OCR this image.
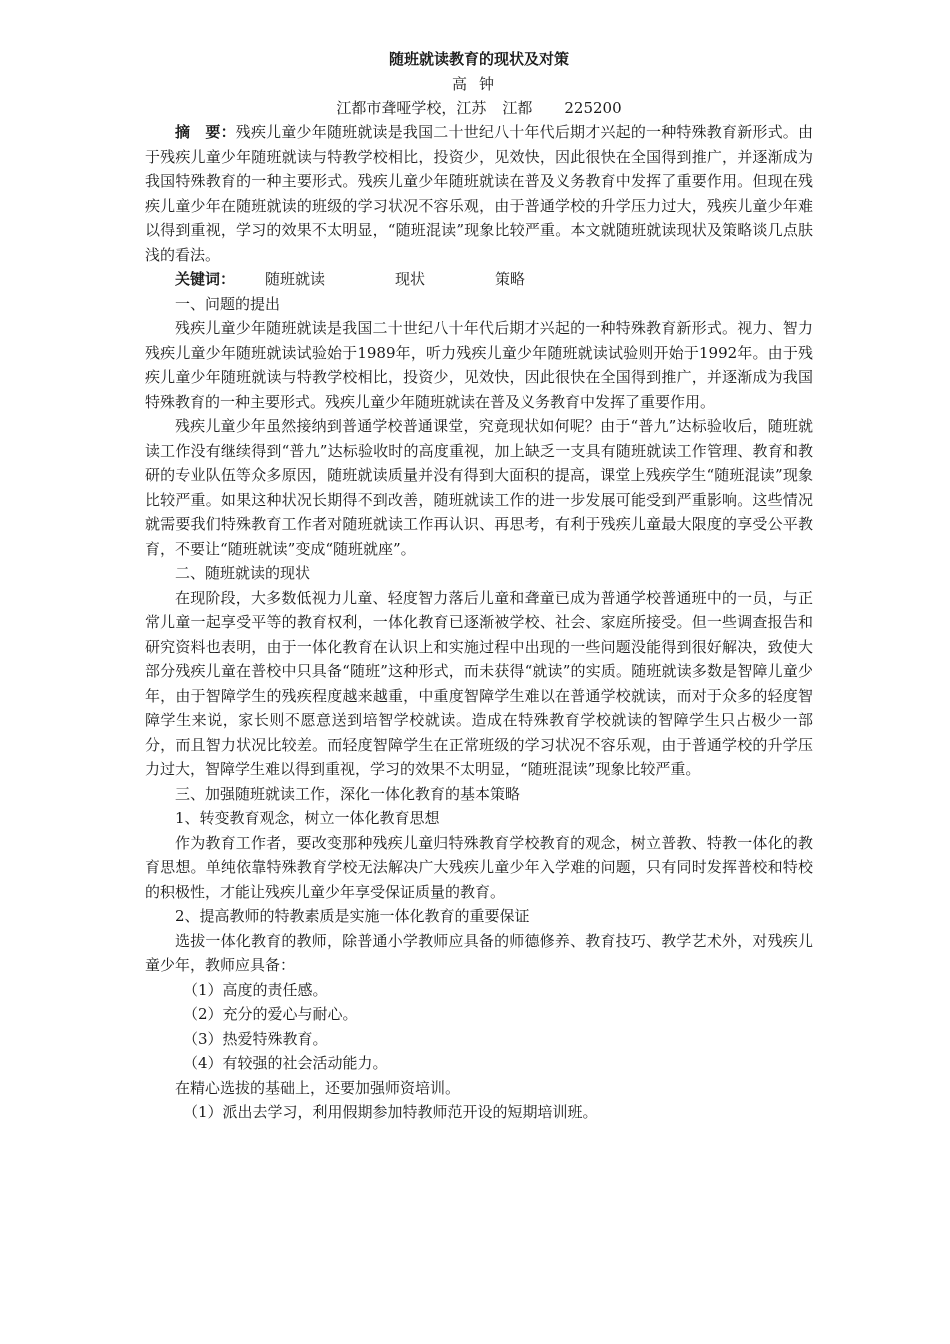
随班就读教育的现状及对策
高钟
江都市聋哑学校，江苏 江都 225200

摘　要：残疾儿童少年随班就读是我国二十世纪八十年代后期才兴起的一种特殊教育新形式。由于残疾儿童少年随班就读与特教学校相比，投资少，见效快，因此很快在全国得到推广，并逐渐成为我国特殊教育的一种主要形式。残疾儿童少年随班就读在普及义务教育中发挥了重要作用。但现在残疾儿童少年在随班就读的班级的学习状况不容乐观，由于普通学校的升学压力过大，残疾儿童少年难以得到重视，学习的效果不太明显，“随班混读”现象比较严重。本文就随班就读现状及策略谈几点肤浅的看法。

关键词： 随班就读	现状	策略

一、问题的提出

残疾儿童少年随班就读是我国二十世纪八十年代后期才兴起的一种特殊教育新形式。视力、智力残疾儿童少年随班就读试验始于1989年，听力残疾儿童少年随班就读试验则开始于1992年。由于残疾儿童少年随班就读与特教学校相比，投资少，见效快，因此很快在全国得到推广，并逐渐成为我国特殊教育的一种主要形式。残疾儿童少年随班就读在普及义务教育中发挥了重要作用。

残疾儿童少年虽然接纳到普通学校普通课堂，究竟现状如何呢？由于“普九”达标验收后，随班就读工作没有继续得到“普九”达标验收时的高度重视，加上缺乏一支具有随班就读工作管理、教育和教研的专业队伍等众多原因，随班就读质量并没有得到大面积的提高，课堂上残疾学生“随班混读”现象比较严重。如果这种状况长期得不到改善，随班就读工作的进一步发展可能受到严重影响。这些情况就需要我们特殊教育工作者对随班就读工作再认识、再思考，有利于残疾儿童最大限度的享受公平教育，不要让“随班就读”变成“随班就座”。

二、随班就读的现状

在现阶段，大多数低视力儿童、轻度智力落后儿童和聋童已成为普通学校普通班中的一员，与正常儿童一起享受平等的教育权利，一体化教育已逐渐被学校、社会、家庭所接受。但一些调查报告和研究资料也表明，由于一体化教育在认识上和实施过程中出现的一些问题没能得到很好解决，致使大部分残疾儿童在普校中只具备“随班”这种形式，而未获得“就读”的实质。随班就读多数是智障儿童少年，由于智障学生的残疾程度越来越重，中重度智障学生难以在普通学校就读，而对于众多的轻度智障学生来说，家长则不愿意送到培智学校就读。造成在特殊教育学校就读的智障学生只占极少一部分，而且智力状况比较差。而轻度智障学生在正常班级的学习状况不容乐观，由于普通学校的升学压力过大，智障学生难以得到重视，学习的效果不太明显，“随班混读”现象比较严重。

三、加强随班就读工作，深化一体化教育的基本策略

1、转变教育观念，树立一体化教育思想

作为教育工作者，要改变那种残疾儿童归特殊教育学校教育的观念，树立普教、特教一体化的教育思想。单纯依靠特殊教育学校无法解决广大残疾儿童少年入学难的问题，只有同时发挥普校和特校的积极性，才能让残疾儿童少年享受保证质量的教育。

2、提高教师的特教素质是实施一体化教育的重要保证

选拔一体化教育的教师，除普通小学教师应具备的师德修养、教育技巧、教学艺术外，对残疾儿童少年，教师应具备：

（1）高度的责任感。

（2）充分的爱心与耐心。

（3）热爱特殊教育。

（4）有较强的社会活动能力。

在精心选拔的基础上，还要加强师资培训。

（1）派出去学习，利用假期参加特教师范开设的短期培训班。
